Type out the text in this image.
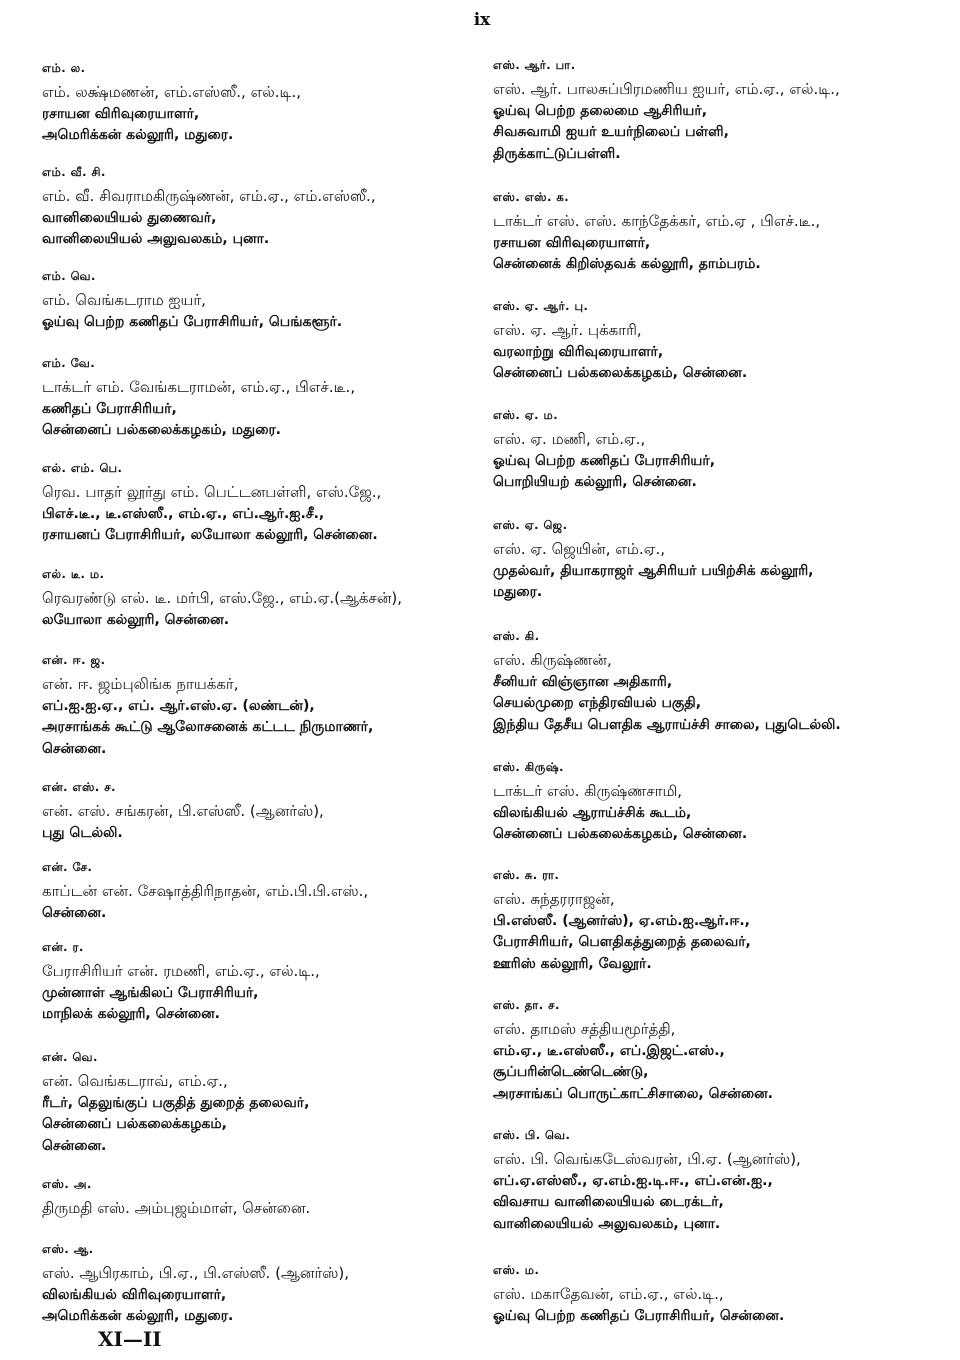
ix
எம். ல.
எம். லக்ஷ்மணன், எம்.எஸ்ஸீ., எல்.டி.,
ரசாயன விரிவுரையாளர்,
அமெரிக்கன் கல்லூரி, மதுரை.
எம். வீ. சி.
எம். வீ. சிவராமகிருஷ்ணன், எம்.ஏ., எம்.எஸ்ஸீ.,
வானிலையியல் துணைவர்,
வானிலையியல் அலுவலகம், புனா.
எம். வெ.
எம். வெங்கடராம ஐயர்,
ஓய்வு பெற்ற கணிதப் பேராசிரியர், பெங்களூர்.
எம். வே.
டாக்டர் எம். வேங்கடராமன், எம்.ஏ., பிஎச்.டீ.,
கணிதப் பேராசிரியர்,
சென்னைப் பல்கலைக்கழகம், மதுரை.
எல். எம். பெ.
ரெவ. பாதர் லூர்து எம். பெட்டனபள்ளி, எஸ்.ஜே.,
பிஎச்.டீ., டீ.எஸ்ஸீ., எம்.ஏ., எப்.ஆர்.ஐ.சீ.,
ரசாயனப் பேராசிரியர், லயோலா கல்லூரி, சென்னை.
எல். டீ. ம.
ரெவரண்டு எல். டீ. மர்பி, எஸ்.ஜே., எம்.ஏ.(ஆக்சன்),
லயோலா கல்லூரி, சென்னை.
என். ஈ. ஜ.
என். ஈ. ஜம்புலிங்க நாயக்கர்,
எப்.ஐ.ஐ.ஏ., எப். ஆர்.எஸ்.ஏ. (லண்டன்),
அரசாங்கக் கூட்டு ஆலோசனைக் கட்டட நிருமாணர்,
சென்னை.
என். எஸ். ச.
என். எஸ். சங்கரன், பி.எஸ்ஸீ. (ஆனர்ஸ்),
புது டெல்லி.
என். சே.
காப்டன் என். சேஷாத்திரிநாதன், எம்.பி.பி.எஸ்.,
சென்னை.
என். ர.
பேராசிரியர் என். ரமணி, எம்.ஏ., எல்.டி.,
முன்னாள் ஆங்கிலப் பேராசிரியர்,
மாநிலக் கல்லூரி, சென்னை.
என். வெ.
என். வெங்கடராவ், எம்.ஏ.,
ரீடர், தெலுங்குப் பகுதித் துறைத் தலைவர்,
சென்னைப் பல்கலைக்கழகம்,
சென்னை.
எஸ். அ.
திருமதி எஸ். அம்புஜம்மாள், சென்னை.
எஸ். ஆ.
எஸ். ஆபிரகாம், பி.ஏ., பி.எஸ்ஸீ. (ஆனர்ஸ்),
விலங்கியல் விரிவுரையாளர்,
அமெரிக்கன் கல்லூரி, மதுரை.
எஸ். ஆர். பா.
எஸ். ஆர். பாலசுப்பிரமணிய ஐயர், எம்.ஏ., எல்.டி.,
ஓய்வு பெற்ற தலைமை ஆசிரியர்,
சிவசுவாமி ஐயர் உயர்நிலைப் பள்ளி,
திருக்காட்டுப்பள்ளி.
எஸ். எஸ். க.
டாக்டர் எஸ். எஸ். காந்தேக்கர், எம்.ஏ , பிஎச்.டீ.,
ரசாயன விரிவுரையாளர்,
சென்னைக் கிறிஸ்தவக் கல்லூரி, தாம்பரம்.
எஸ். ஏ. ஆர். பு.
எஸ். ஏ. ஆர். புக்காரி,
வரலாற்று விரிவுரையாளர்,
சென்னைப் பல்கலைக்கழகம், சென்னை.
எஸ். ஏ. ம.
எஸ். ஏ. மணி, எம்.ஏ.,
ஓய்வு பெற்ற கணிதப் பேராசிரியர்,
பொறியியற் கல்லூரி, சென்னை.
எஸ். ஏ. ஜெ.
எஸ். ஏ. ஜெயின், எம்.ஏ.,
முதல்வர், தியாகராஜர் ஆசிரியர் பயிற்சிக் கல்லூரி,
மதுரை.
எஸ். கி.
எஸ். கிருஷ்ணன்,
சீனியர் விஞ்ஞான அதிகாரி,
செயல்முறை எந்திரவியல் பகுதி,
இந்திய தேசீய பௌதிக ஆராய்ச்சி சாலை, புதுடெல்லி.
எஸ். கிருஷ்.
டாக்டர் எஸ். கிருஷ்ணசாமி,
விலங்கியல் ஆராய்ச்சிக் கூடம்,
சென்னைப் பல்கலைக்கழகம், சென்னை.
எஸ். சு. ரா.
எஸ். சுந்தரராஜன்,
பி.எஸ்ஸீ. (ஆனர்ஸ்), ஏ.எம்.ஐ.ஆர்.ஈ.,
பேராசிரியர், பௌதிகத்துறைத் தலைவர்,
ஊரிஸ் கல்லூரி, வேலூர்.
எஸ். தா. ச.
எஸ். தாமஸ் சத்தியமூர்த்தி,
எம்.ஏ., டீ.எஸ்ஸீ., எப்.இஜட்.எஸ்.,
சூப்பரின்டெண்டெண்டு,
அரசாங்கப் பொருட்காட்சிசாலை, சென்னை.
எஸ். பி. வெ.
எஸ். பி. வெங்கடேஸ்வரன், பி.ஏ. (ஆனர்ஸ்),
எப்.ஏ.எஸ்ஸீ., ஏ.எம்.ஐ.டி.ஈ., எப்.என்.ஐ.,
விவசாய வானிலையியல் டைரக்டர்,
வானிலையியல் அலுவலகம், புனா.
எஸ். ம.
எஸ். மகாதேவன், எம்.ஏ., எல்.டி.,
ஓய்வு பெற்ற கணிதப் பேராசிரியர், சென்னை.
XI—II
